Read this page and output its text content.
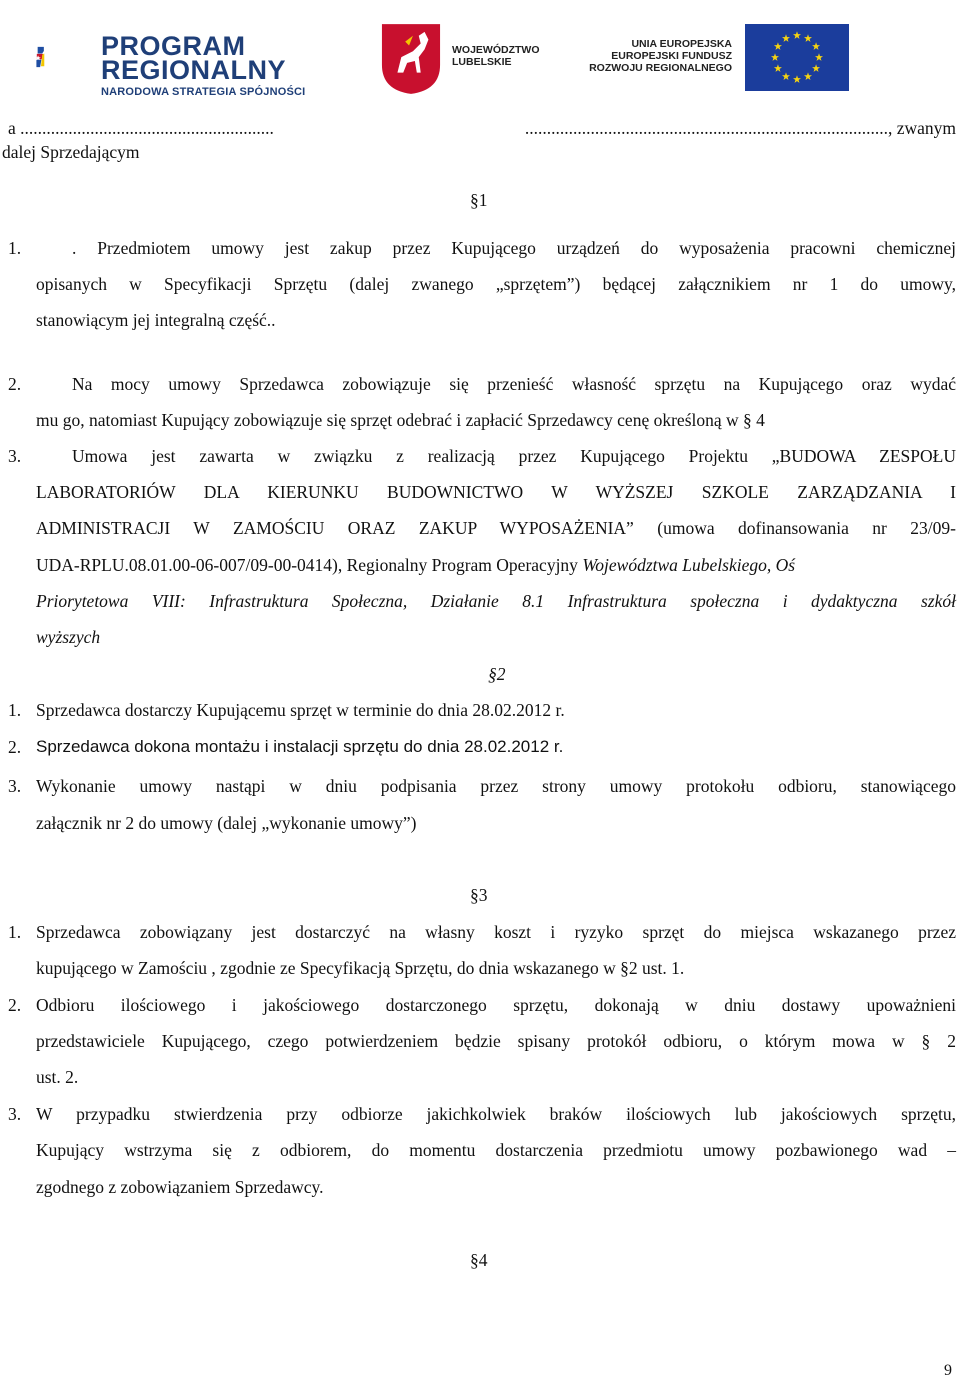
PROGRAM
REGIONALNY
NARODOWA STRATEGIA SPÓJNOŚCI
WOJEWÓDZTWO
LUBELSKIE
UNIA EUROPEJSKA
EUROPEJSKI FUNDUSZ
ROZWOJU REGIONALNEGO
a ..........................................................	..................................................................................., zwanym
dalej Sprzedającym
§1
1.	. Przedmiotem umowy jest zakup przez Kupującego urządzeń do wyposażenia pracowni chemicznej
opisanych w Specyfikacji Sprzętu (dalej zwanego „sprzętem”) będącej załącznikiem nr 1 do umowy,
stanowiącym jej integralną część..
2.	Na mocy umowy Sprzedawca zobowiązuje się przenieść własność sprzętu na Kupującego oraz wydać
mu go, natomiast Kupujący zobowiązuje się sprzęt odebrać i zapłacić Sprzedawcy cenę określoną w § 4
3.	Umowa jest zawarta w związku z realizacją przez Kupującego Projektu „BUDOWA ZESPOŁU
LABORATORIÓW DLA KIERUNKU BUDOWNICTWO W WYŻSZEJ SZKOLE ZARZĄDZANIA I
ADMINISTRACJI W ZAMOŚCIU ORAZ ZAKUP WYPOSAŻENIA” (umowa dofinansowania nr 23/09-
UDA-RPLU.08.01.00-06-007/09-00-0414), Regionalny Program Operacyjny Województwa Lubelskiego, Oś
Priorytetowa VIII: Infrastruktura Społeczna, Działanie 8.1 Infrastruktura społeczna i dydaktyczna szkół
wyższych
§2
1. Sprzedawca dostarczy Kupującemu sprzęt w terminie do dnia 28.02.2012 r.
2. Sprzedawca dokona montażu i instalacji sprzętu do dnia 28.02.2012 r.
3. Wykonanie umowy nastąpi w dniu podpisania przez strony umowy protokołu odbioru, stanowiącego
załącznik nr 2 do umowy (dalej „wykonanie umowy”)
§3
1. Sprzedawca zobowiązany jest dostarczyć na własny koszt i ryzyko sprzęt do miejsca wskazanego przez
kupującego w Zamościu , zgodnie ze Specyfikacją Sprzętu, do dnia wskazanego w §2 ust. 1.
2. Odbioru ilościowego i jakościowego dostarczonego sprzętu, dokonają w dniu dostawy upoważnieni
przedstawiciele Kupującego, czego potwierdzeniem będzie spisany protokół odbioru, o którym mowa w § 2
ust. 2.
3. W przypadku stwierdzenia przy odbiorze jakichkolwiek braków ilościowych lub jakościowych sprzętu,
Kupujący wstrzyma się z odbiorem, do momentu dostarczenia przedmiotu umowy pozbawionego wad –
zgodnego z zobowiązaniem Sprzedawcy.
§4
9
